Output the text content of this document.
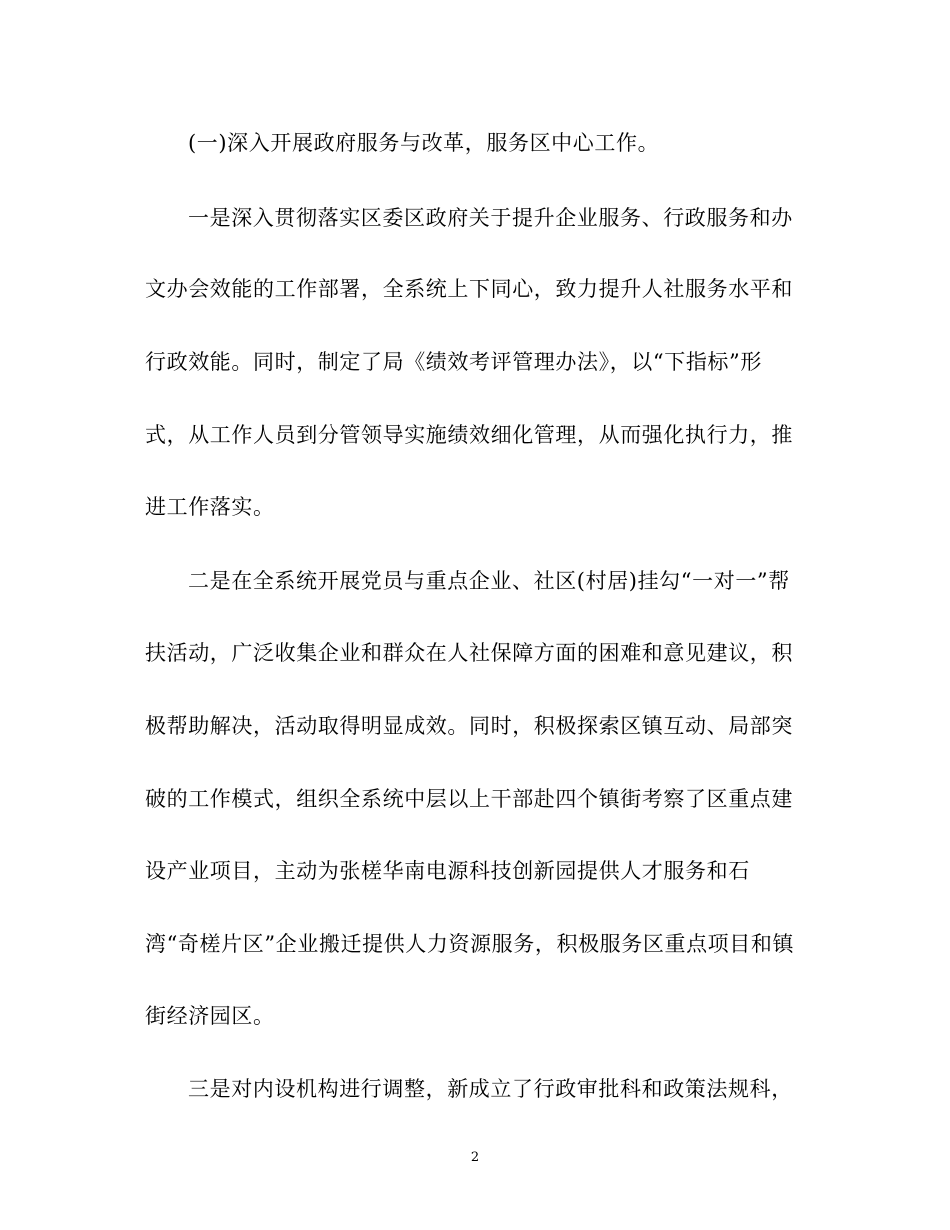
(一)深入开展政府服务与改革，服务区中心工作。
一是深入贯彻落实区委区政府关于提升企业服务、行政服务和办
文办会效能的工作部署，全系统上下同心，致力提升人社服务水平和
行政效能。同时，制定了局《绩效考评管理办法》，以“下指标”形
式，从工作人员到分管领导实施绩效细化管理，从而强化执行力，推
进工作落实。
二是在全系统开展党员与重点企业、社区(村居)挂勾“一对一”帮
扶活动，广泛收集企业和群众在人社保障方面的困难和意见建议，积
极帮助解决，活动取得明显成效。同时，积极探索区镇互动、局部突
破的工作模式，组织全系统中层以上干部赴四个镇街考察了区重点建
设产业项目，主动为张槎华南电源科技创新园提供人才服务和石
湾“奇槎片区”企业搬迁提供人力资源服务，积极服务区重点项目和镇
街经济园区。
三是对内设机构进行调整，新成立了行政审批科和政策法规科，
2
